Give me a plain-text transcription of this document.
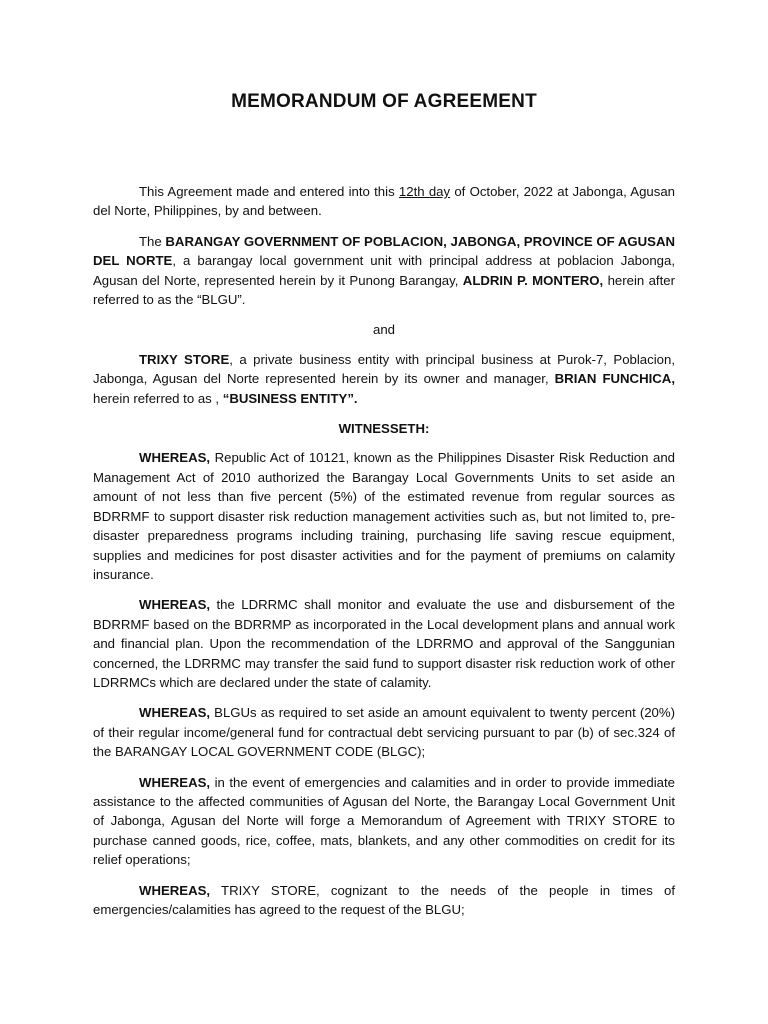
MEMORANDUM OF AGREEMENT

This Agreement made and entered into this 12th day of October, 2022 at Jabonga, Agusan del Norte, Philippines, by and between.

The BARANGAY GOVERNMENT OF POBLACION, JABONGA, PROVINCE OF AGUSAN DEL NORTE, a barangay local government unit with principal address at poblacion Jabonga, Agusan del Norte, represented herein by it Punong Barangay, ALDRIN P. MONTERO, herein after referred to as the “BLGU”.

and

TRIXY STORE, a private business entity with principal business at Purok-7, Poblacion, Jabonga, Agusan del Norte represented herein by its owner and manager, BRIAN FUNCHICA, herein referred to as , “BUSINESS ENTITY”.

WITNESSETH:

WHEREAS, Republic Act of 10121, known as the Philippines Disaster Risk Reduction and Management Act of 2010 authorized the Barangay Local Governments Units to set aside an amount of not less than five percent (5%) of the estimated revenue from regular sources as BDRRMF to support disaster risk reduction management activities such as, but not limited to, pre-disaster preparedness programs including training, purchasing life saving rescue equipment, supplies and medicines for post disaster activities and for the payment of premiums on calamity insurance.

WHEREAS, the LDRRMC shall monitor and evaluate the use and disbursement of the BDRRMF based on the BDRRMP as incorporated in the Local development plans and annual work and financial plan. Upon the recommendation of the LDRRMO and approval of the Sanggunian concerned, the LDRRMC may transfer the said fund to support disaster risk reduction work of other LDRRMCs which are declared under the state of calamity.

WHEREAS, BLGUs as required to set aside an amount equivalent to twenty percent (20%) of their regular income/general fund for contractual debt servicing pursuant to par (b) of sec.324 of the BARANGAY LOCAL GOVERNMENT CODE (BLGC);

WHEREAS, in the event of emergencies and calamities and in order to provide immediate assistance to the affected communities of Agusan del Norte, the Barangay Local Government Unit of Jabonga, Agusan del Norte will forge a Memorandum of Agreement with TRIXY STORE to purchase canned goods, rice, coffee, mats, blankets, and any other commodities on credit for its relief operations;

WHEREAS, TRIXY STORE, cognizant to the needs of the people in times of emergencies/calamities has agreed to the request of the BLGU;
